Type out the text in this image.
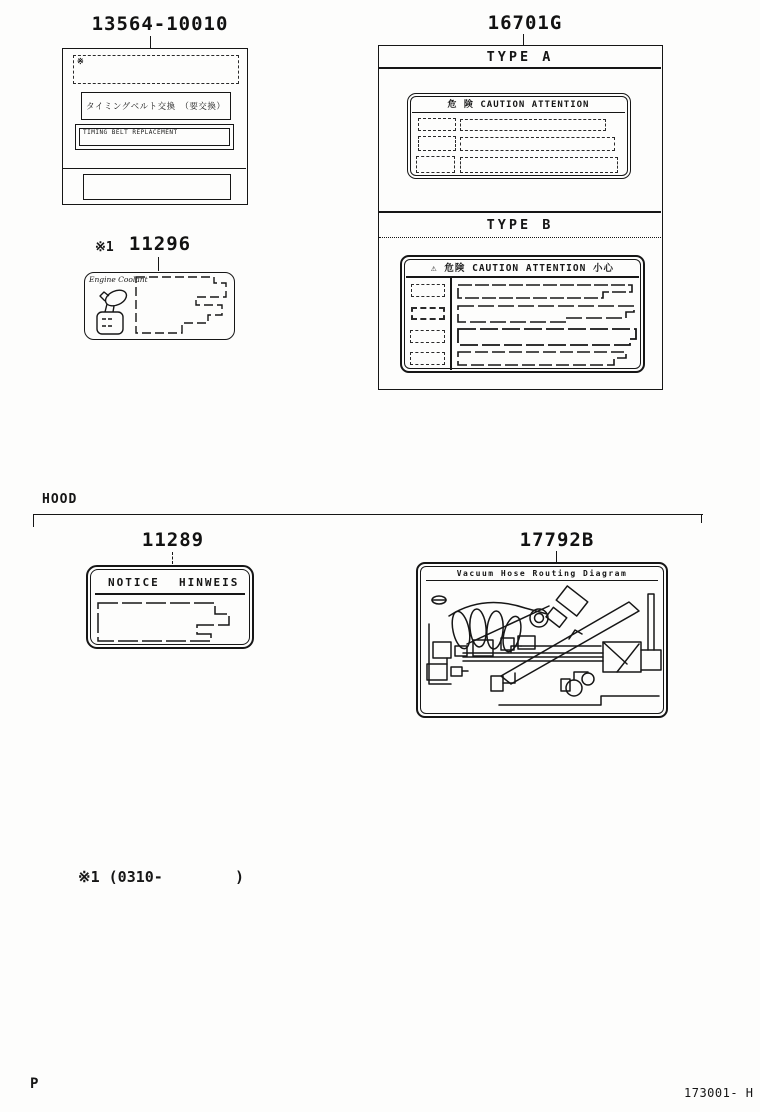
13564-10010
※
タイミングベルト交換　（要交換）
TIMING BELT REPLACEMENT
16701G
TYPE A
危 険 CAUTION ATTENTION
TYPE B
⚠ 危険 CAUTION ATTENTION 小心
※1 11296
Engine Coolant
HOOD
11289
NOTICE HINWEIS
17792B
Vacuum Hose Routing Diagram
※1 (0310-        )
P
173001- H
